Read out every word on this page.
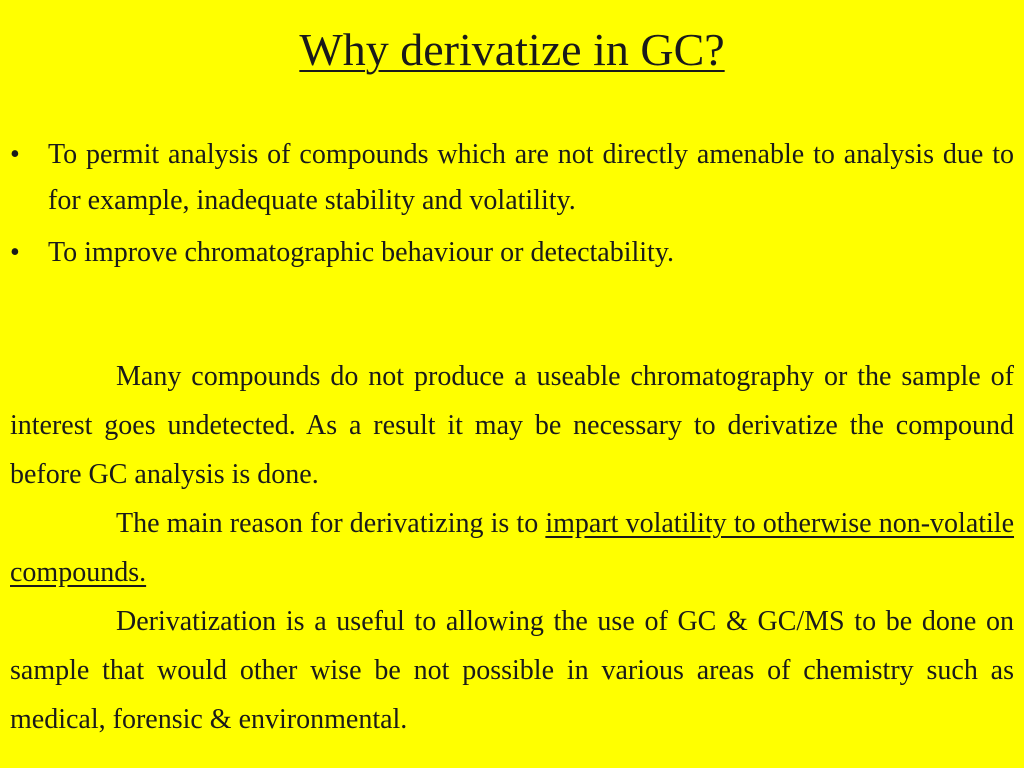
Why derivatize in GC?
• To permit analysis of compounds which are not directly amenable to analysis due to for example, inadequate stability and volatility.
• To improve chromatographic behaviour or detectability.

Many compounds do not produce a useable chromatography or the sample of interest goes undetected. As a result it may be necessary to derivatize the compound before GC analysis is done.

The main reason for derivatizing is to impart volatility to otherwise non-volatile compounds.

Derivatization is a useful to allowing the use of GC & GC/MS to be done on sample that would other wise be not possible in various areas of chemistry such as medical, forensic & environmental.
